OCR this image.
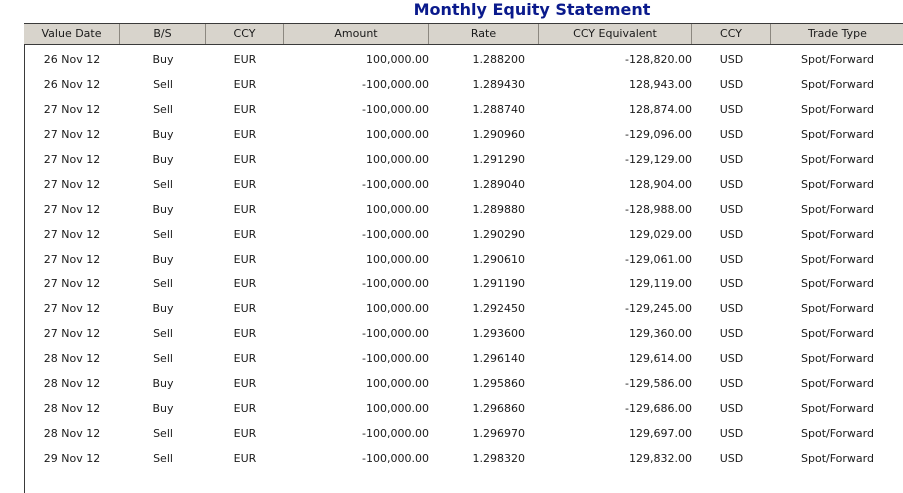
Monthly Equity Statement
Value Date	B/S	CCY	Amount	Rate	CCY Equivalent	CCY	Trade Type
26 Nov 12	Buy	EUR	100,000.00	1.288200	-128,820.00	USD	Spot/Forward
26 Nov 12	Sell	EUR	-100,000.00	1.289430	128,943.00	USD	Spot/Forward
27 Nov 12	Sell	EUR	-100,000.00	1.288740	128,874.00	USD	Spot/Forward
27 Nov 12	Buy	EUR	100,000.00	1.290960	-129,096.00	USD	Spot/Forward
27 Nov 12	Buy	EUR	100,000.00	1.291290	-129,129.00	USD	Spot/Forward
27 Nov 12	Sell	EUR	-100,000.00	1.289040	128,904.00	USD	Spot/Forward
27 Nov 12	Buy	EUR	100,000.00	1.289880	-128,988.00	USD	Spot/Forward
27 Nov 12	Sell	EUR	-100,000.00	1.290290	129,029.00	USD	Spot/Forward
27 Nov 12	Buy	EUR	100,000.00	1.290610	-129,061.00	USD	Spot/Forward
27 Nov 12	Sell	EUR	-100,000.00	1.291190	129,119.00	USD	Spot/Forward
27 Nov 12	Buy	EUR	100,000.00	1.292450	-129,245.00	USD	Spot/Forward
27 Nov 12	Sell	EUR	-100,000.00	1.293600	129,360.00	USD	Spot/Forward
28 Nov 12	Sell	EUR	-100,000.00	1.296140	129,614.00	USD	Spot/Forward
28 Nov 12	Buy	EUR	100,000.00	1.295860	-129,586.00	USD	Spot/Forward
28 Nov 12	Buy	EUR	100,000.00	1.296860	-129,686.00	USD	Spot/Forward
28 Nov 12	Sell	EUR	-100,000.00	1.296970	129,697.00	USD	Spot/Forward
29 Nov 12	Sell	EUR	-100,000.00	1.298320	129,832.00	USD	Spot/Forward
